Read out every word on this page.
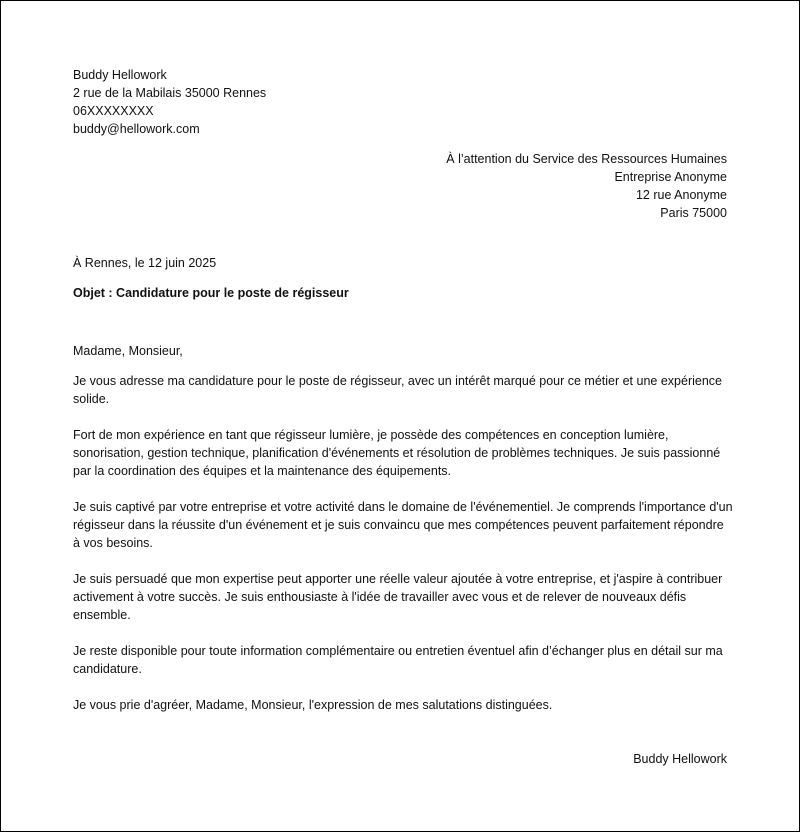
Buddy Hellowork
2 rue de la Mabilais 35000 Rennes
06XXXXXXXX
buddy@hellowork.com
À l’attention du Service des Ressources Humaines
Entreprise Anonyme
12 rue Anonyme
Paris 75000
À Rennes, le 12 juin 2025
Objet : Candidature pour le poste de régisseur

Madame, Monsieur,

Je vous adresse ma candidature pour le poste de régisseur, avec un intérêt marqué pour ce métier et une expérience solide.

Fort de mon expérience en tant que régisseur lumière, je possède des compétences en conception lumière, sonorisation, gestion technique, planification d'événements et résolution de problèmes techniques. Je suis passionné par la coordination des équipes et la maintenance des équipements.

Je suis captivé par votre entreprise et votre activité dans le domaine de l'événementiel. Je comprends l'importance d'un régisseur dans la réussite d'un événement et je suis convaincu que mes compétences peuvent parfaitement répondre à vos besoins.

Je suis persuadé que mon expertise peut apporter une réelle valeur ajoutée à votre entreprise, et j'aspire à contribuer activement à votre succès. Je suis enthousiaste à l'idée de travailler avec vous et de relever de nouveaux défis ensemble.

Je reste disponible pour toute information complémentaire ou entretien éventuel afin d’échanger plus en détail sur ma candidature.

Je vous prie d'agréer, Madame, Monsieur, l'expression de mes salutations distinguées.

Buddy Hellowork
